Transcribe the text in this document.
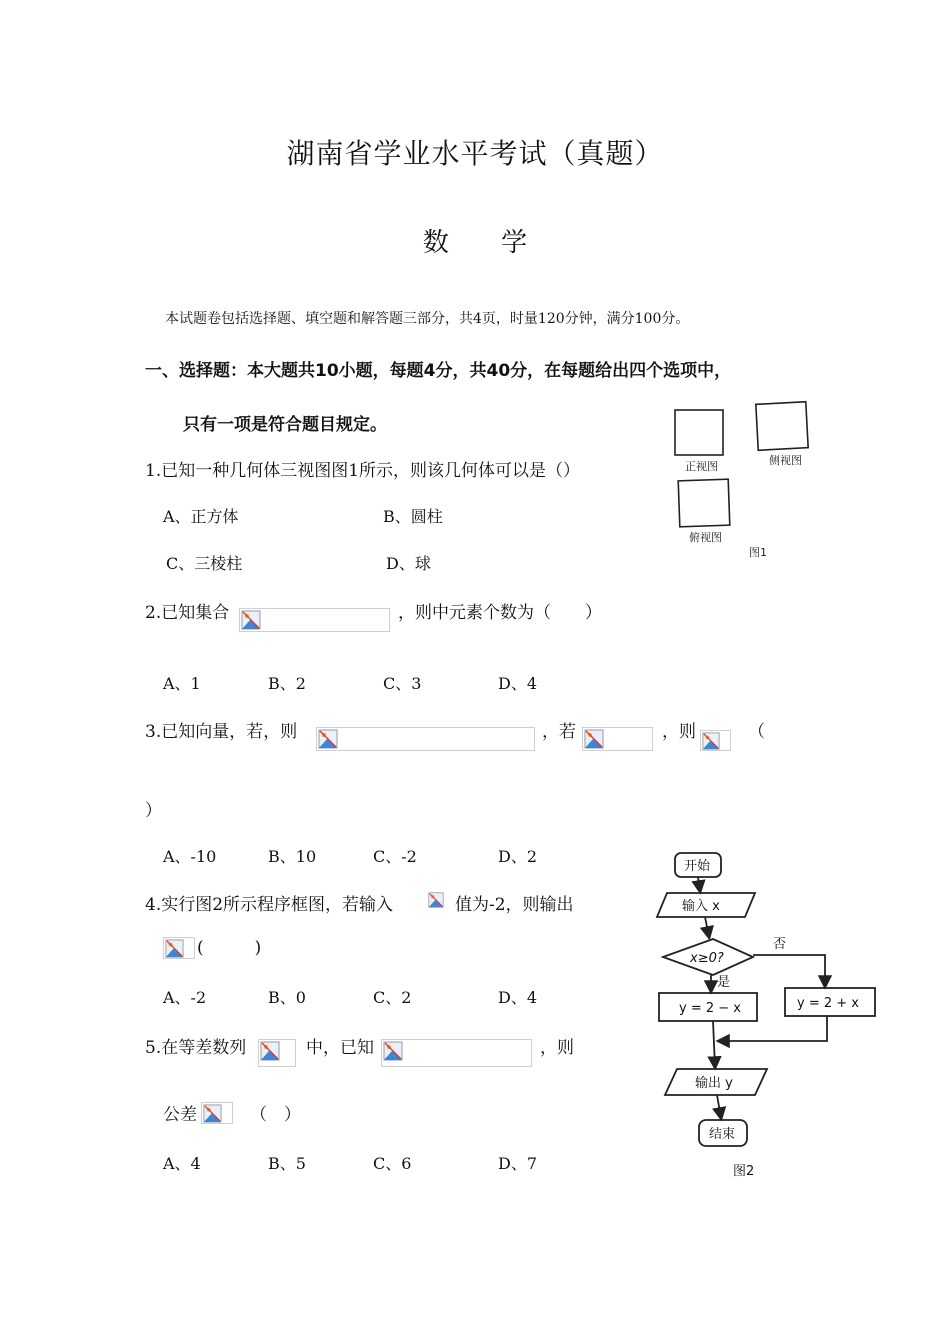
湖南省学业水平考试（真题）
数 学
本试题卷包括选择题、填空题和解答题三部分，共4页，时量120分钟，满分100分。
一、选择题：本大题共10小题，每题4分，共40分，在每题给出四个选项中，
只有一项是符合题目规定。
1.已知一种几何体三视图图1所示，则该几何体可以是（）
A、正方体	B、圆柱
C、三棱柱	D、球
正视图	侧视图
俯视图
图1
2.已知集合	，则中元素个数为（　　）
A、1	B、2	C、3	D、4
3.已知向量，若，则	，若	，则	（
）
A、-10	B、10	C、-2	D、2
4.实行图2所示程序框图，若输入	值为-2，则输出
(　　　)
A、-2	B、0	C、2	D、4
5.在等差数列	中，已知	，则
公差	（　）
A、4	B、5	C、6	D、7
开始
输入 x
x≥0?
否
是
y = 2 − x	y = 2 + x
输出 y
结束
图2
